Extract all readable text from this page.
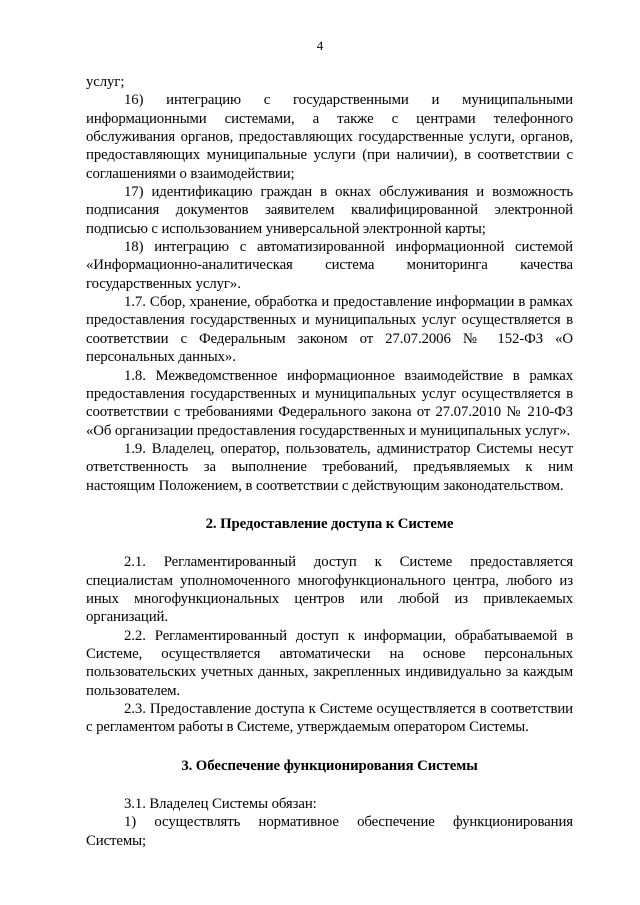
4

услуг;

16) интеграцию с государственными и муниципальными информационными системами, а также с центрами телефонного обслуживания органов, предоставляющих государственные услуги, органов, предоставляющих муниципальные услуги (при наличии), в соответствии с соглашениями о взаимодействии;

17) идентификацию граждан в окнах обслуживания и возможность подписания документов заявителем квалифицированной электронной подписью с использованием универсальной электронной карты;

18) интеграцию с автоматизированной информационной системой «Информационно-аналитическая система мониторинга качества государственных услуг».

1.7. Сбор, хранение, обработка и предоставление информации в рамках предоставления государственных и муниципальных услуг осуществляется в соответствии с Федеральным законом от 27.07.2006 № 152-ФЗ «О персональных данных».

1.8. Межведомственное информационное взаимодействие в рамках предоставления государственных и муниципальных услуг осуществляется в соответствии с требованиями Федерального закона от 27.07.2010 № 210-ФЗ «Об организации предоставления государственных и муниципальных услуг».

1.9. Владелец, оператор, пользователь, администратор Системы несут ответственность за выполнение требований, предъявляемых к ним настоящим Положением, в соответствии с действующим законодательством.

2. Предоставление доступа к Системе

2.1. Регламентированный доступ к Системе предоставляется специалистам уполномоченного многофункционального центра, любого из иных многофункциональных центров или любой из привлекаемых организаций.

2.2. Регламентированный доступ к информации, обрабатываемой в Системе, осуществляется автоматически на основе персональных пользовательских учетных данных, закрепленных индивидуально за каждым пользователем.

2.3. Предоставление доступа к Системе осуществляется в соответствии с регламентом работы в Системе, утверждаемым оператором Системы.

3. Обеспечение функционирования Системы

3.1. Владелец Системы обязан:

1) осуществлять нормативное обеспечение функционирования Системы;
